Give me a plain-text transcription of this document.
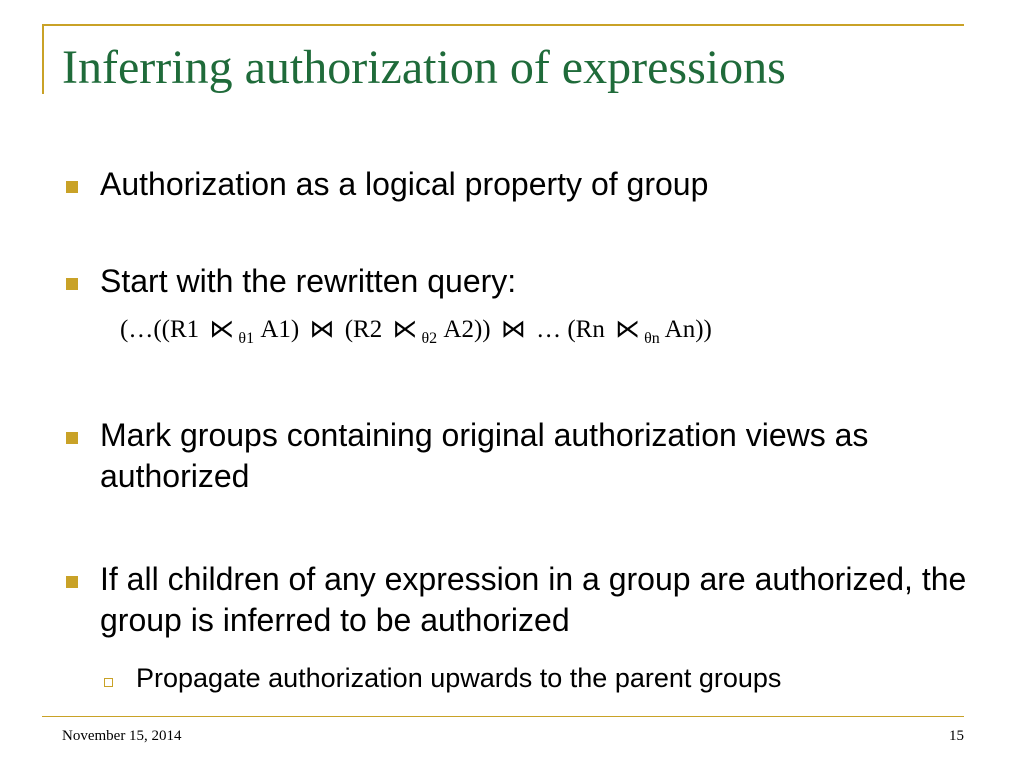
Inferring authorization of expressions
Authorization as a logical property of group
Start with the rewritten query:
(…((R1 ⋉ $_{\theta 1}$ A1) ⋈ (R2 ⋉ $_{\theta 2}$ A2)) ⋈ … (Rn ⋉ $_{\theta n}$ An))
Mark groups containing original authorization views as authorized
If all children of any expression in a group are authorized, the group is inferred to be authorized
Propagate authorization upwards to the parent groups
November 15, 2014	15
